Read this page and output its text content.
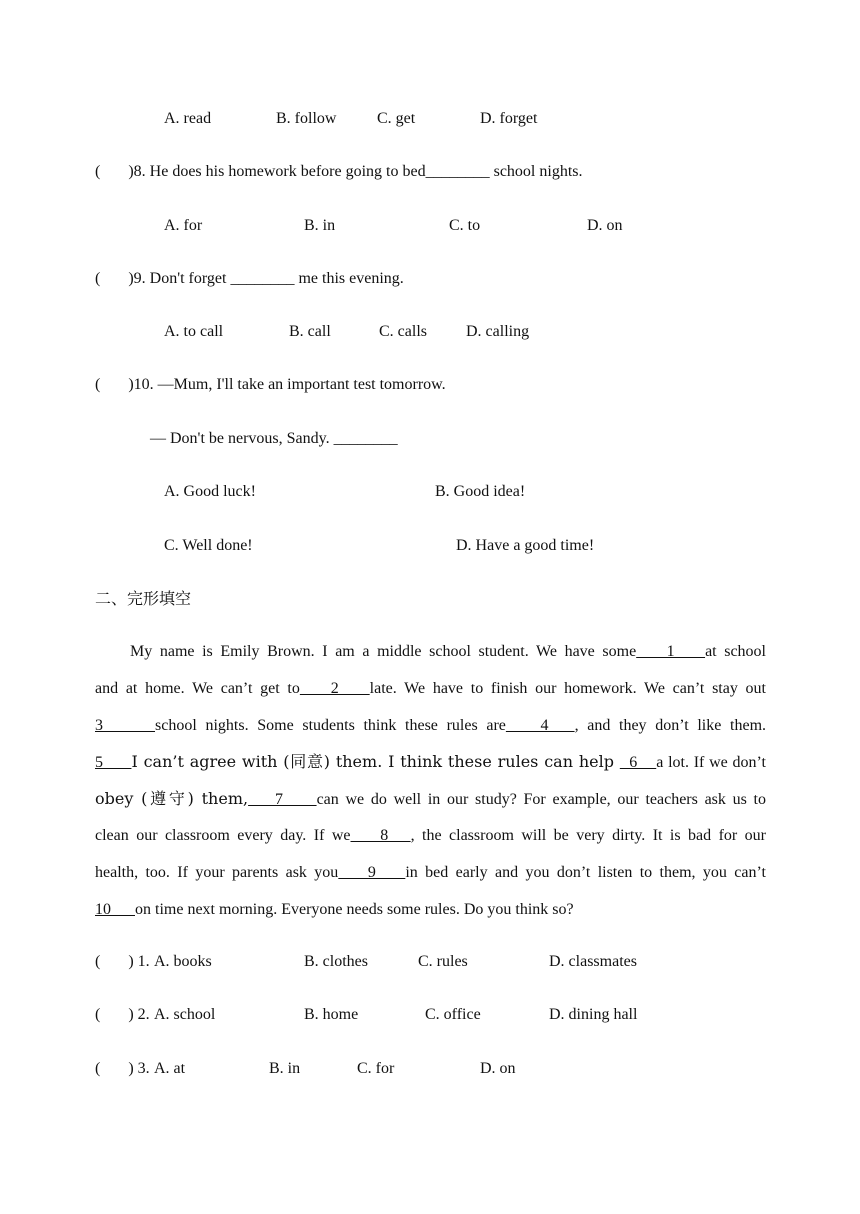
A. read	B. follow	C. get	D. forget
( )8. He does his homework before going to bed________ school nights.
A. for	B. in	C. to	D. on
( )9. Don't forget ________ me this evening.
A. to call	B. call	C. calls D. calling
( )10. —Mum, I'll take an important test tomorrow.
— Don't be nervous, Sandy. ________
A. Good luck!	B. Good idea!
C. Well done!	D. Have a good time!
二、完形填空
My name is Emily Brown. I am a middle school student. We have some    1    at school
and at home. We can’t get to    2    late. We have to finish our homework. We can’t stay out
3      school nights. Some students think these rules are    4   , and they don’t like them.
5      I can’t agree with (同意) them. I think these rules can help   6    a lot. If we don’t
obey (遵守) them,    7     can we do well in our study? For example, our teachers ask us to
clean our classroom every day. If we    8   , the classroom will be very dirty. It is bad for our
health, too. If your parents ask you    9    in bed early and you don’t listen to them, you can’t
10      on time next morning. Everyone needs some rules. Do you think so?
( ) 1. A. books	B. clothes	C. rules	D. classmates
( ) 2. A. school	B. home	C. office	D. dining hall
( ) 3. A. at	B. in	C. for	D. on
